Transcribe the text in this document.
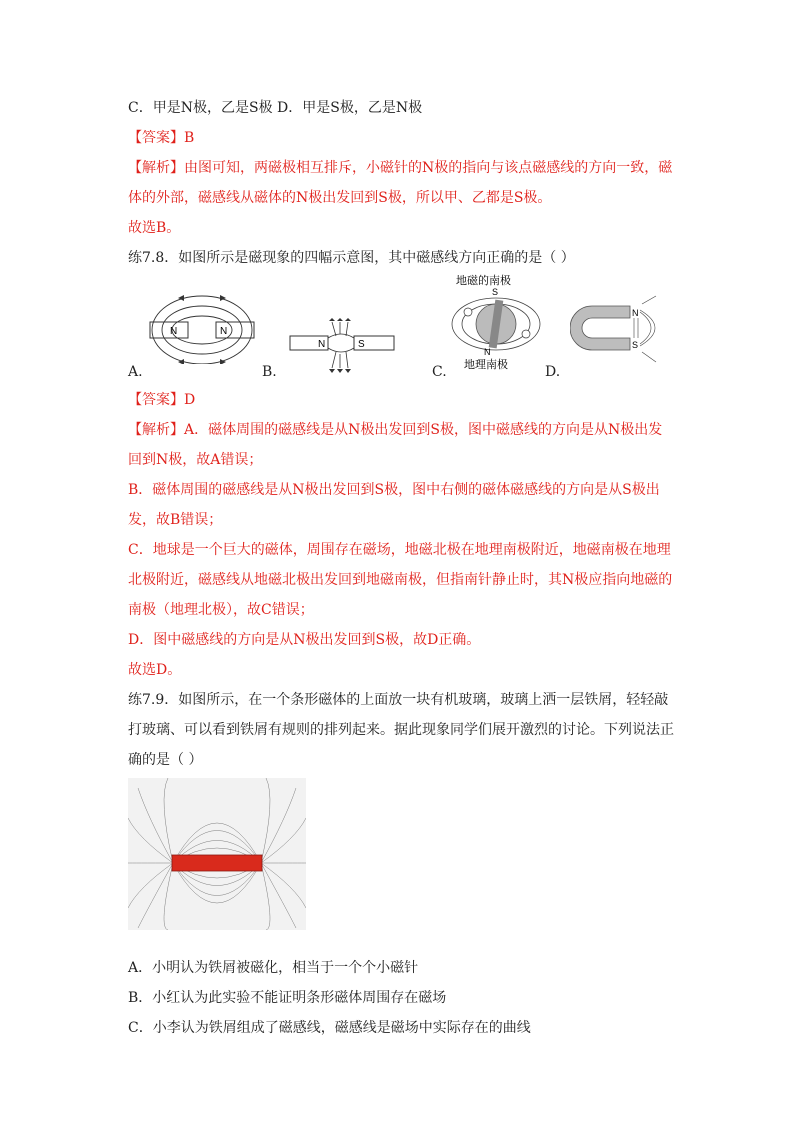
C．甲是N极，乙是S极 D．甲是S极，乙是N极
【答案】B
【解析】由图可知，两磁极相互排斥，小磁针的N极的指向与该点磁感线的方向一致，磁
体的外部，磁感线从磁体的N极出发回到S极，所以甲、乙都是S极。
故选B。
练7.8．如图所示是磁现象的四幅示意图，其中磁感线方向正确的是（ ）
N	N
A.
N	S
B.
地磁的南极
S
N
地理南极
C.
N
S
D.
【答案】D
【解析】A．磁体周围的磁感线是从N极出发回到S极，图中磁感线的方向是从N极出发
回到N极，故A错误；
B．磁体周围的磁感线是从N极出发回到S极，图中右侧的磁体磁感线的方向是从S极出
发，故B错误；
C．地球是一个巨大的磁体，周围存在磁场，地磁北极在地理南极附近，地磁南极在地理
北极附近，磁感线从地磁北极出发回到地磁南极，但指南针静止时，其N极应指向地磁的
南极（地理北极），故C错误；
D．图中磁感线的方向是从N极出发回到S极，故D正确。
故选D。
练7.9．如图所示，在一个条形磁体的上面放一块有机玻璃，玻璃上洒一层铁屑，轻轻敲
打玻璃、可以看到铁屑有规则的排列起来。据此现象同学们展开激烈的讨论。下列说法正
确的是（ ）
A．小明认为铁屑被磁化，相当于一个个小磁针
B．小红认为此实验不能证明条形磁体周围存在磁场
C．小李认为铁屑组成了磁感线，磁感线是磁场中实际存在的曲线
